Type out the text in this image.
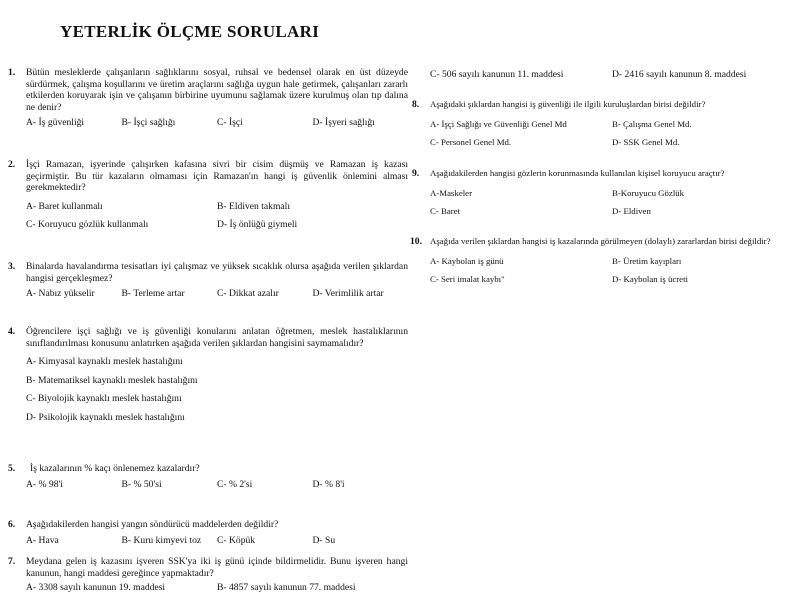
YETERLİK ÖLÇME SORULARI
1. Bütün mesleklerde çalışanların sağlıklarını sosyal, ruhsal ve bedensel olarak en üst düzeyde sürdürmek, çalışma koşullarını ve üretim araçlarını sağlığa uygun hale getirmek, çalışanları zararlı etkilerden koruyarak işin ve çalışanın birbirine uyumunu sağlamak üzere kurulmuş olan tıp dalına ne denir?
A- İş güvenliği	B- İşçi sağlığı	C- İşçi	D- İşyeri sağlığı
2. İşçi Ramazan, işyerinde çalışırken kafasına sivri bir cisim düşmüş ve Ramazan iş kazası geçirmiştir. Bu tür kazaların olmaması için Ramazan'ın hangi iş güvenlik önlemini alması gerekmektedir?
A- Baret kullanmalı	B- Eldiven takmalı
C- Koruyucu gözlük kullanmalı	D- İş önlüğü giymeli
3. Binalarda havalandırma tesisatları iyi çalışmaz ve yüksek sıcaklık olursa aşağıda verilen şıklardan hangisi gerçekleşmez?
A- Nabız yükselir	B- Terleme artar	C- Dikkat azalır	D- Verimlilik artar
4. Öğrencilere işçi sağlığı ve iş güvenliği konularını anlatan öğretmen, meslek hastalıklarının sınıflandırılması konusunu anlatırken aşağıda verilen şıklardan hangisini saymamalıdır?
A- Kimyasal kaynaklı meslek hastalığını
B- Matematiksel kaynaklı meslek hastalığını
C- Biyolojik kaynaklı meslek hastalığını
D- Psikolojik kaynaklı meslek hastalığını
5.	İş kazalarının % kaçı önlenemez kazalardır?
A- % 98'i	B- % 50'si	C- % 2'si	D- % 8'i
6. Aşağıdakilerden hangisi yangın söndürücü maddelerden değildir?
A- Hava	B- Kuru kimyevi toz	C- Köpük	D- Su
7. Meydana gelen iş kazasını işveren SSK'ya iki iş günü içinde bildirmelidir. Bunu işveren hangi kanunun, hangi maddesi gereğince yapmaktadır?
A- 3308 sayılı kanunun 19. maddesi	B- 4857 sayılı kanunun 77. maddesi
C- 506 sayılı kanunun 11. maddesi	D- 2416 sayılı kanunun 8. maddesi
8. Aşağıdaki şıklardan hangisi iş güvenliği ile ilgili kuruluşlardan birisi değildir?
A- İşçi Sağlığı ve Güvenliği Genel Md	B- Çalışma Genel Md.
C- Personel Genel Md.	D- SSK Genel Md.
9. Aşağıdakilerden hangisi gözlerin korunmasında kullanılan kişisel koruyucu araçtır?
A-Maskeler	B-Koruyucu Gözlük
C- Baret	D- Eldiven
10. Aşağıda verilen şıklardan hangisi iş kazalarında görülmeyen (dolaylı) zararlardan birisi değildir?
A- Kaybolan iş günü	B- Üretim kayıpları
C- Seri imalat kaybı"	D- Kaybolan iş ücreti
